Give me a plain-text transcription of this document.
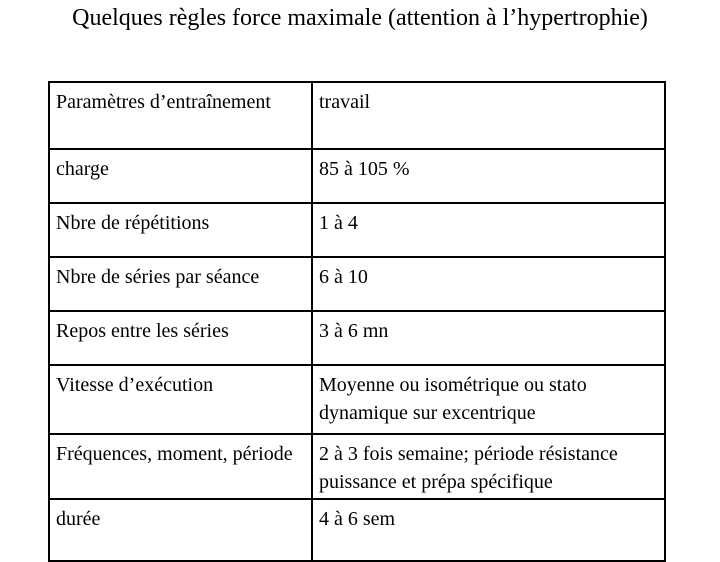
Quelques règles force maximale (attention à l’hypertrophie)
Paramètres d’entraînement	travail
charge	85 à 105 %
Nbre de répétitions	1 à 4
Nbre de séries par séance	6 à 10
Repos entre les séries	3 à 6 mn
Vitesse d’exécution	Moyenne ou isométrique ou stato dynamique sur excentrique
Fréquences, moment, période	2 à 3 fois semaine; période résistance puissance et prépa spécifique
durée	4 à 6 sem
